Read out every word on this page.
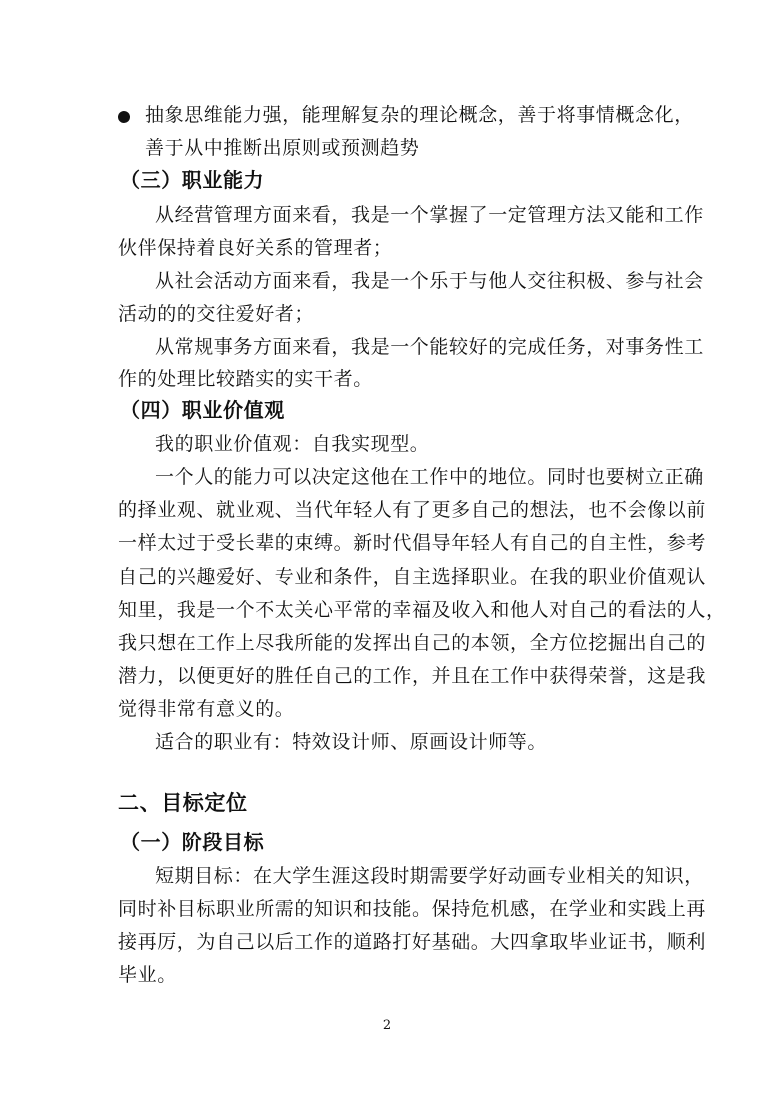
抽象思维能力强，能理解复杂的理论概念，善于将事情概念化，
善于从中推断出原则或预测趋势
（三）职业能力
从经营管理方面来看，我是一个掌握了一定管理方法又能和工作
伙伴保持着良好关系的管理者；
从社会活动方面来看，我是一个乐于与他人交往积极、参与社会
活动的的交往爱好者；
从常规事务方面来看，我是一个能较好的完成任务，对事务性工
作的处理比较踏实的实干者。
（四）职业价值观
我的职业价值观：自我实现型。
一个人的能力可以决定这他在工作中的地位。同时也要树立正确
的择业观、就业观、当代年轻人有了更多自己的想法，也不会像以前
一样太过于受长辈的束缚。新时代倡导年轻人有自己的自主性，参考
自己的兴趣爱好、专业和条件，自主选择职业。在我的职业价值观认
知里，我是一个不太关心平常的幸福及收入和他人对自己的看法的人，
我只想在工作上尽我所能的发挥出自己的本领，全方位挖掘出自己的
潜力，以便更好的胜任自己的工作，并且在工作中获得荣誉，这是我
觉得非常有意义的。
适合的职业有：特效设计师、原画设计师等。
二、目标定位
（一）阶段目标
短期目标：在大学生涯这段时期需要学好动画专业相关的知识，
同时补目标职业所需的知识和技能。保持危机感，在学业和实践上再
接再厉，为自己以后工作的道路打好基础。大四拿取毕业证书，顺利
毕业。
2
